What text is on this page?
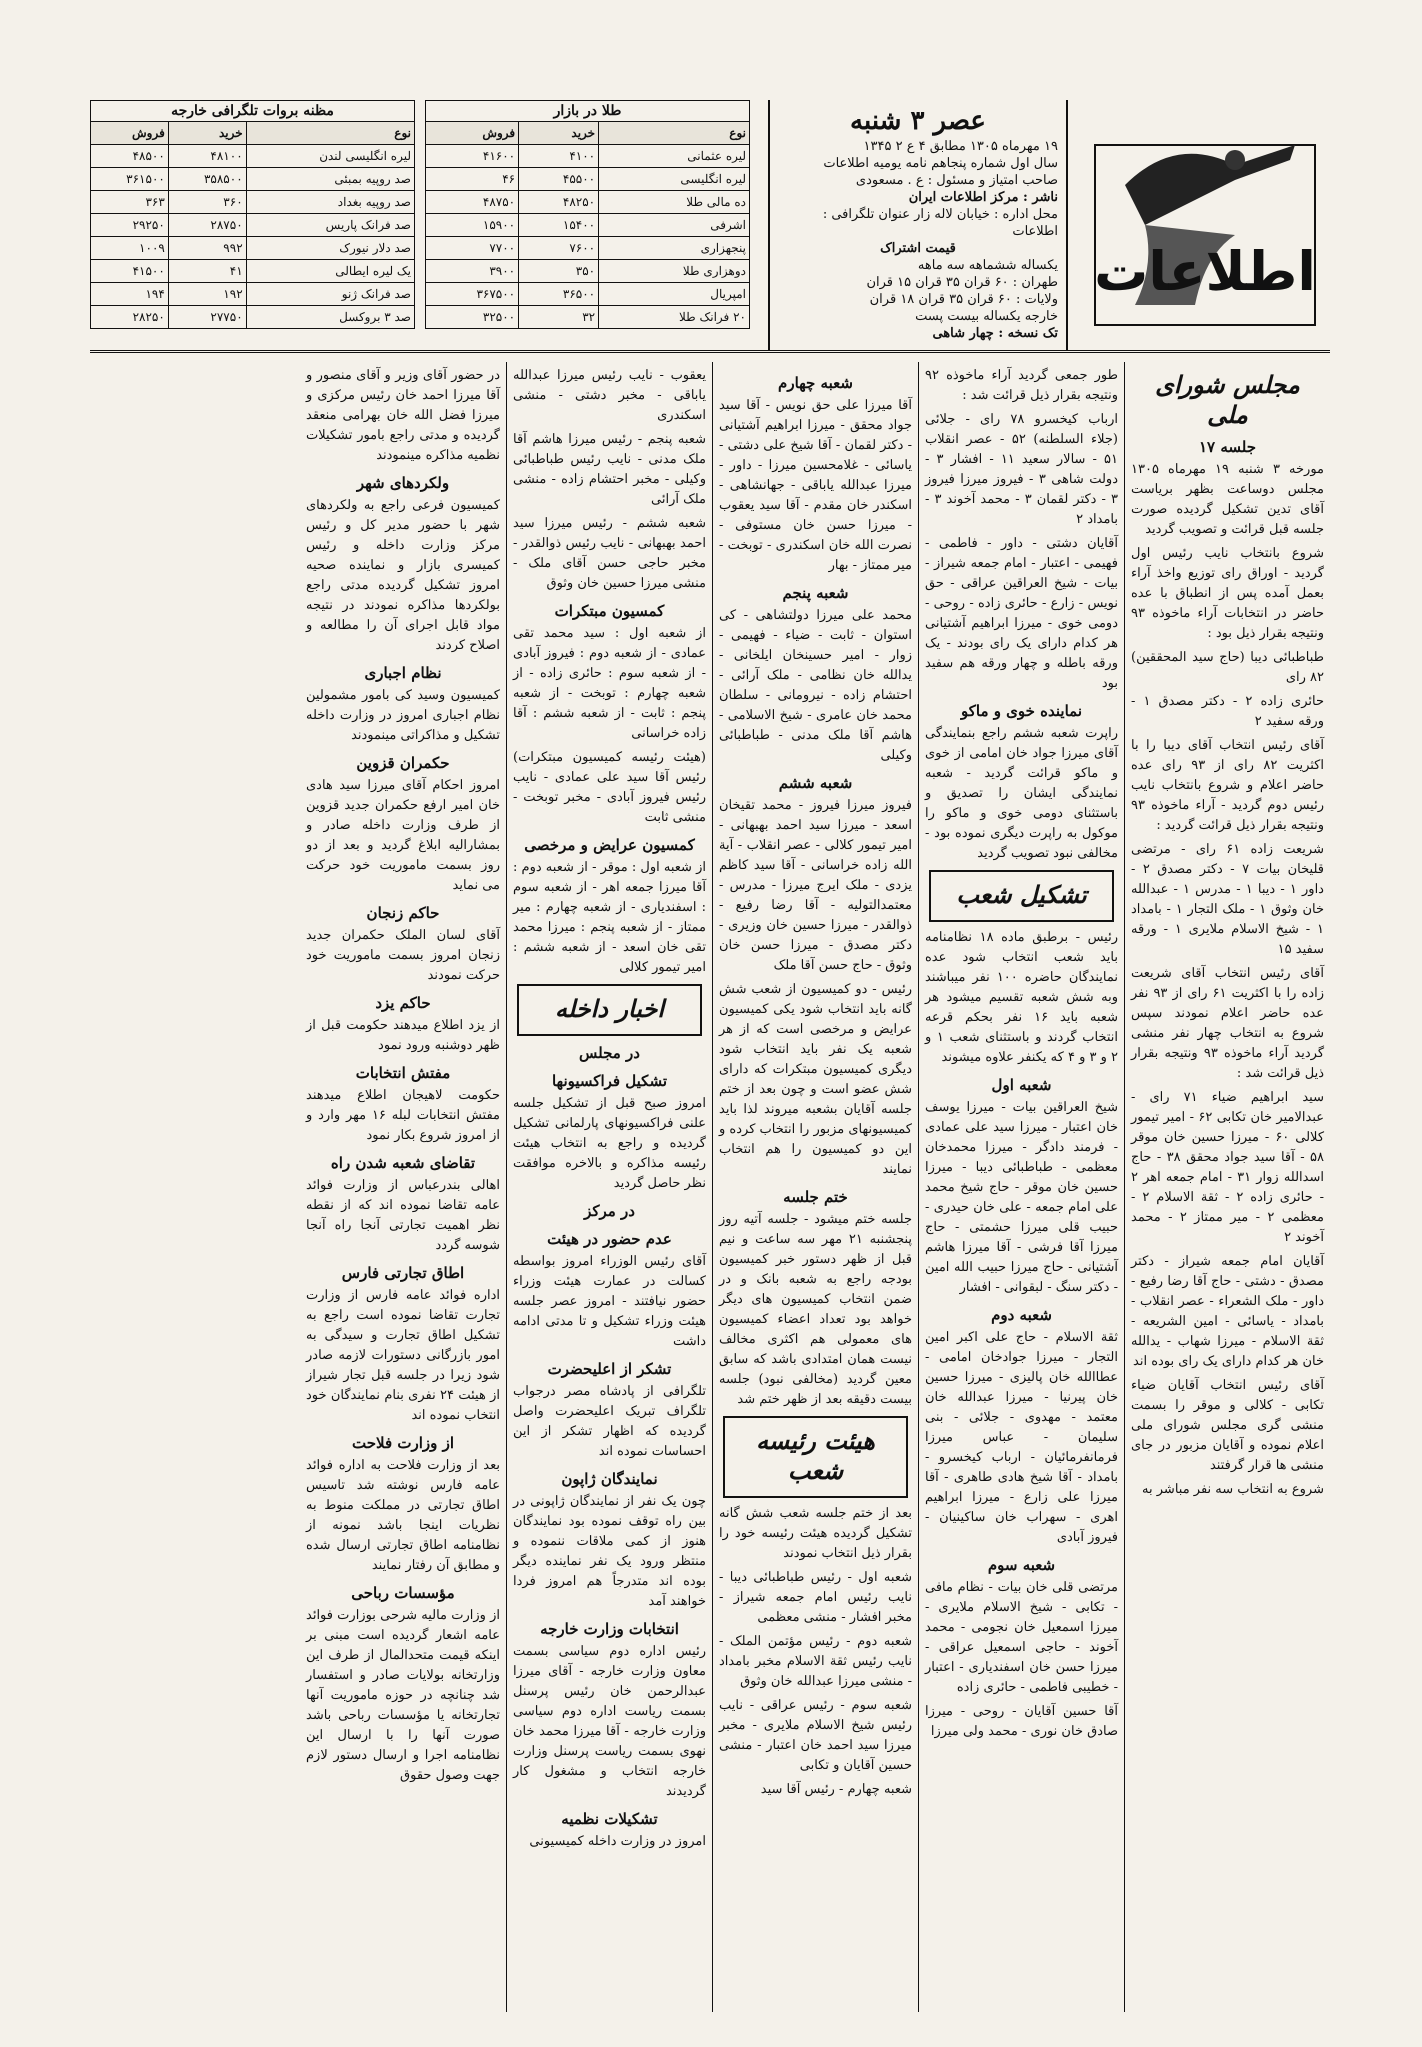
اطلاعات
عصر ۳ شنبه
۱۹ مهرماه ۱۳۰۵ مطابق ۴ ع ۲ ۱۳۴۵
سال اول شماره پنجاهم نامه یومیه اطلاعات
صاحب امتیاز و مسئول : ع . مسعودی
ناشر : مرکز اطلاعات ایران
محل اداره : خیابان لاله زار عنوان تلگرافی : اطلاعات
قیمت اشتراک
یکساله ششماهه سه ماهه
طهران : ۶۰ قران ۳۵ قران ۱۵ قران
ولایات : ۶۰ قران ۳۵ قران ۱۸ قران
خارجه یکساله بیست پست
تک نسخه : چهار شاهی
طلا در بازار
نوع	خرید	فروش
لیره عثمانی	۴۱۰۰	۴۱۶۰۰
لیره انگلیسی	۴۵۵۰۰	۴۶
ده مالی طلا	۴۸۲۵۰	۴۸۷۵۰
اشرفی	۱۵۴۰۰	۱۵۹۰۰
پنجهزاری	۷۶۰۰	۷۷۰۰
دوهزاری طلا	۳۵۰	۳۹۰۰
امپریال	۳۶۵۰۰	۳۶۷۵۰۰
۲۰ فرانک طلا	۳۲	۳۲۵۰۰
مظنه بروات تلگرافی خارجه
نوع	خرید	فروش
لیره انگلیسی لندن	۴۸۱۰۰	۴۸۵۰۰
صد روپیه بمبئی	۳۵۸۵۰۰	۳۶۱۵۰۰
صد روپیه بغداد	۳۶۰	۳۶۳
صد فرانک پاریس	۲۸۷۵۰	۲۹۲۵۰
صد دلار نیورک	۹۹۲	۱۰۰۹
یک لیره ایطالی	۴۱	۴۱۵۰۰
صد فرانک ژنو	۱۹۲	۱۹۴
صد ۳ بروکسل	۲۷۷۵۰	۲۸۲۵۰
مجلس شورای ملی
جلسه ۱۷

مورخه ۳ شنبه ۱۹ مهرماه ۱۳۰۵ مجلس دوساعت بظهر بریاست آقای تدین تشکیل گردیده صورت جلسه قبل قرائت و تصویب گردید

شروع بانتخاب نایب رئیس اول گردید - اوراق رای توزیع واخذ آراء بعمل آمده پس از انطباق با عده حاضر در انتخابات آراء ماخوذه ۹۳ ونتیجه بقرار ذیل بود :

طباطبائی دیبا (حاج سید المحققین) ۸۲ رای

حائری زاده ۲ - دکتر مصدق ۱ - ورقه سفید ۲

آقای رئیس انتخاب آقای دیبا را با اکثریت ۸۲ رای از ۹۳ رای عده حاضر اعلام و شروع بانتخاب نایب رئیس دوم گردید - آراء ماخوذه ۹۳ ونتیجه بقرار ذیل قرائت گردید :

شریعت زاده ۶۱ رای - مرتضی قلیخان بیات ۷ - دکتر مصدق ۲ - داور ۱ - دیبا ۱ - مدرس ۱ - عبدالله خان وثوق ۱ - ملک التجار ۱ - بامداد ۱ - شیخ الاسلام ملایری ۱ - ورقه سفید ۱۵

آقای رئیس انتخاب آقای شریعت زاده را با اکثریت ۶۱ رای از ۹۳ نفر عده حاضر اعلام نمودند سپس شروع به انتخاب چهار نفر منشی گردید آراء ماخوذه ۹۳ ونتیجه بقرار ذیل قرائت شد :

سید ابراهیم ضیاء ۷۱ رای - عبدالامیر خان تکابی ۶۲ - امیر تیمور کلالی ۶۰ - میرزا حسین خان موقر ۵۸ - آقا سید جواد محقق ۳۸ - حاج اسدالله زوار ۳۱ - امام جمعه اهر ۲ - حائری زاده ۲ - ثقة الاسلام ۲ - معظمی ۲ - میر ممتاز ۲ - محمد آخوند ۲

آقایان امام جمعه شیراز - دکتر مصدق - دشتی - حاج آقا رضا رفیع - داور - ملک الشعراء - عصر انقلاب - بامداد - یاسائی - امین الشریعه - ثقة الاسلام - میرزا شهاب - یدالله خان هر کدام دارای یک رای بوده اند

آقای رئیس انتخاب آقایان ضیاء تکابی - کلالی و موقر را بسمت منشی گری مجلس شورای ملی اعلام نموده و آقایان مزبور در جای منشی ها قرار گرفتند

شروع به انتخاب سه نفر مباشر به

طور جمعی گردید آراء ماخوذه ۹۲ ونتیجه بقرار ذیل قرائت شد :

ارباب کیخسرو ۷۸ رای - جلائی (جلاء السلطنه) ۵۲ - عصر انقلاب ۵۱ - سالار سعید ۱۱ - افشار ۳ - دولت شاهی ۳ - فیروز میرزا فیروز ۳ - دکتر لقمان ۳ - محمد آخوند ۳ - بامداد ۲

آقایان دشتی - داور - فاطمی - فهیمی - اعتبار - امام جمعه شیراز - بیات - شیخ العراقین عراقی - حق نویس - زارع - حائری زاده - روحی - دومی خوی - میرزا ابراهیم آشتیانی هر کدام دارای یک رای بودند - یک ورقه باطله و چهار ورقه هم سفید بود

نماینده خوی و ماکو

راپرت شعبه ششم راجع بنمایندگی آقای میرزا جواد خان امامی از خوی و ماکو قرائت گردید - شعبه نمایندگی ایشان را تصدیق و باستثنای دومی خوی و ماکو را موکول به راپرت دیگری نموده بود - مخالفی نبود تصویب گردید

تشکیل شعب

رئیس - برطبق ماده ۱۸ نظامنامه باید شعب انتخاب شود عده نمایندگان حاضره ۱۰۰ نفر میباشند وبه شش شعبه تقسیم میشود هر شعبه باید ۱۶ نفر بحکم قرعه انتخاب گردند و باستثنای شعب ۱ و ۲ و ۳ و ۴ که یکنفر علاوه میشوند

شعبه اول

شیخ العراقین بیات - میرزا یوسف خان اعتبار - میرزا سید علی عمادی - فرمند دادگر - میرزا محمدخان معظمی - طباطبائی دیبا - میرزا حسین خان موقر - حاج شیخ محمد علی امام جمعه - علی خان حیدری - حبیب قلی میرزا حشمتی - حاج میرزا آقا فرشی - آقا میرزا هاشم آشتیانی - حاج میرزا حبیب الله امین - دکتر سنگ - لبقوانی - افشار

شعبه دوم

ثقة الاسلام - حاج علی اکبر امین التجار - میرزا جوادخان امامی - عطاالله خان پالیزی - میرزا حسین خان پیرنیا - میرزا عبدالله خان معتمد - مهدوی - جلائی - بنی سلیمان - عباس میرزا فرمانفرمائیان - ارباب کیخسرو - بامداد - آقا شیخ هادی طاهری - آقا میرزا علی زارع - میرزا ابراهیم اهری - سهراب خان ساکینیان - فیروز آبادی

شعبه سوم

مرتضی قلی خان بیات - نظام مافی - تکابی - شیخ الاسلام ملایری - میرزا اسمعیل خان نجومی - محمد آخوند - حاجی اسمعیل عراقی - میرزا حسن خان اسفندیاری - اعتبار - خطیبی فاطمی - حائری زاده

آقا حسین آقایان - روحی - میرزا صادق خان نوری - محمد ولی میرزا

شعبه چهارم

آقا میرزا علی حق نویس - آقا سید جواد محقق - میرزا ابراهیم آشتیانی - دکتر لقمان - آقا شیخ علی دشتی - یاسائی - غلامحسین میرزا - داور - میرزا عبدالله یاباقی - جهانشاهی - اسکندر خان مقدم - آقا سید یعقوب - میرزا حسن خان مستوفی - نصرت الله خان اسکندری - توبخت - میر ممتاز - بهار

شعبه پنجم

محمد علی میرزا دولتشاهی - کی استوان - ثابت - ضیاء - فهیمی - زوار - امیر حسینخان ایلخانی - یدالله خان نظامی - ملک آرائی - احتشام زاده - نیرومانی - سلطان محمد خان عامری - شیخ الاسلامی - هاشم آقا ملک مدنی - طباطبائی وکیلی

شعبه ششم

فیروز میرزا فیروز - محمد تقیخان اسعد - میرزا سید احمد بهبهانی - امیر تیمور کلالی - عصر انقلاب - آیة الله زاده خراسانی - آقا سید کاظم یزدی - ملک ایرج میرزا - مدرس - معتمدالتولیه - آقا رضا رفیع - ذوالقدر - میرزا حسین خان وزیری - دکتر مصدق - میرزا حسن خان وثوق - حاج حسن آقا ملک

رئیس - دو کمیسیون از شعب شش گانه باید انتخاب شود یکی کمیسیون عرایض و مرخصی است که از هر شعبه یک نفر باید انتخاب شود دیگری کمیسیون مبتکرات که دارای شش عضو است و چون بعد از ختم جلسه آقایان بشعبه میروند لذا باید کمیسیونهای مزبور را انتخاب کرده و این دو کمیسیون را هم انتخاب نمایند

ختم جلسه

جلسه ختم میشود - جلسه آتیه روز پنجشنبه ۲۱ مهر سه ساعت و نیم قبل از ظهر دستور خبر کمیسیون بودجه راجع به شعبه بانک و در ضمن انتخاب کمیسیون های دیگر خواهد بود تعداد اعضاء کمیسیون های معمولی هم اکثری مخالف نیست همان امتدادی باشد که سابق معین گردید (مخالفی نبود) جلسه بیست دقیقه بعد از ظهر ختم شد

هیئت رئیسه شعب

بعد از ختم جلسه شعب شش گانه تشکیل گردیده هیئت رئیسه خود را بقرار ذیل انتخاب نمودند

شعبه اول - رئیس طباطبائی دیبا - نایب رئیس امام جمعه شیراز - مخبر افشار - منشی معظمی

شعبه دوم - رئیس مؤتمن الملک - نایب رئیس ثقة الاسلام مخبر بامداد - منشی میرزا عبدالله خان وثوق

شعبه سوم - رئیس عراقی - نایب رئیس شیخ الاسلام ملایری - مخبر میرزا سید احمد خان اعتبار - منشی حسین آقایان و تکابی

شعبه چهارم - رئیس آقا سید

یعقوب - نایب رئیس میرزا عبدالله یاباقی - مخبر دشتی - منشی اسکندری

شعبه پنجم - رئیس میرزا هاشم آقا ملک مدنی - نایب رئیس طباطبائی وکیلی - مخبر احتشام زاده - منشی ملک آرائی

شعبه ششم - رئیس میرزا سید احمد بهبهانی - نایب رئیس ذوالقدر - مخبر حاجی حسن آقای ملک - منشی میرزا حسین خان وثوق

کمسیون مبتکرات

از شعبه اول : سید محمد تقی عمادی - از شعبه دوم : فیروز آبادی - از شعبه سوم : حائری زاده - از شعبه چهارم : توبخت - از شعبه پنجم : ثابت - از شعبه ششم : آقا زاده خراسانی

(هیئت رئیسه کمیسیون مبتکرات) رئیس آقا سید علی عمادی - نایب رئیس فیروز آبادی - مخبر توبخت - منشی ثابت

کمسیون عرایض و مرخصی

از شعبه اول : موقر - از شعبه دوم : آقا میرزا جمعه اهر - از شعبه سوم : اسفندیاری - از شعبه چهارم : میر ممتاز - از شعبه پنجم : میرزا محمد تقی خان اسعد - از شعبه ششم : امیر تیمور کلالی

اخبار داخله
در مجلس
تشکیل فراکسیونها

امروز صبح قبل از تشکیل جلسه علنی فراکسیونهای پارلمانی تشکیل گردیده و راجع به انتخاب هیئت رئیسه مذاکره و بالاخره موافقت نظر حاصل گردید

در مرکز
عدم حضور در هیئت

آقای رئیس الوزراء امروز بواسطه کسالت در عمارت هیئت وزراء حضور نیافتند - امروز عصر جلسه هیئت وزراء تشکیل و تا مدتی ادامه داشت

تشکر از اعلیحضرت

تلگرافی از پادشاه مصر درجواب تلگراف تبریک اعلیحضرت واصل گردیده که اظهار تشکر از این احساسات نموده اند

نمایندگان ژاپون

چون یک نفر از نمایندگان ژاپونی در بین راه توقف نموده بود نمایندگان هنوز از کمی ملاقات ننموده و منتظر ورود یک نفر نماینده دیگر بوده اند متدرجاً هم امروز فردا خواهند آمد

انتخابات وزارت خارجه

رئیس اداره دوم سیاسی بسمت معاون وزارت خارجه - آقای میرزا عبدالرحمن خان رئیس پرسنل بسمت ریاست اداره دوم سیاسی وزارت خارجه - آقا میرزا محمد خان نهوی بسمت ریاست پرسنل وزارت خارجه انتخاب و مشغول کار گردیدند

تشکیلات نظمیه

امروز در وزارت داخله کمیسیونی

در حضور آقای وزیر و آقای منصور و آقا میرزا احمد خان رئیس مرکزی و میرزا فضل الله خان بهرامی منعقد گردیده و مدتی راجع بامور تشکیلات نظمیه مذاکره مینمودند

ولکردهای شهر

کمیسیون فرعی راجع به ولکردهای شهر با حضور مدیر کل و رئیس مرکز وزارت داخله و رئیس کمیسری بازار و نماینده صحیه امروز تشکیل گردیده مدتی راجع بولکردها مذاکره نمودند در نتیجه مواد قابل اجرای آن را مطالعه و اصلاح کردند

نظام اجباری

کمیسیون وسید کی بامور مشمولین نظام اجباری امروز در وزارت داخله تشکیل و مذاکراتی مینمودند

حکمران قزوین

امروز احکام آقای میرزا سید هادی خان امیر ارفع حکمران جدید قزوین از طرف وزارت داخله صادر و بمشارالیه ابلاغ گردید و بعد از دو روز بسمت ماموریت خود حرکت می نماید

حاکم زنجان

آقای لسان الملک حکمران جدید زنجان امروز بسمت ماموریت خود حرکت نمودند

حاکم یزد

از یزد اطلاع میدهند حکومت قبل از ظهر دوشنبه ورود نمود

مفتش انتخابات

حکومت لاهیجان اطلاع میدهند مفتش انتخابات لبله ۱۶ مهر وارد و از امروز شروع بکار نمود

تقاضای شعبه شدن راه

اهالی بندرعباس از وزارت فوائد عامه تقاضا نموده اند که از نقطه نظر اهمیت تجارتی آنجا راه آنجا شوسه گردد

اطاق تجارتی فارس

اداره فوائد عامه فارس از وزارت تجارت تقاضا نموده است راجع به تشکیل اطاق تجارت و سیدگی به امور بازرگانی دستورات لازمه صادر شود زیرا در جلسه قبل تجار شیراز از هیئت ۲۴ نفری بنام نمایندگان خود انتخاب نموده اند

از وزارت فلاحت

بعد از وزارت فلاحت به اداره فوائد عامه فارس نوشته شد تاسیس اطاق تجارتی در مملکت منوط به نظریات اینجا باشد نمونه از نظامنامه اطاق تجارتی ارسال شده و مطابق آن رفتار نمایند

مؤسسات رباحی

از وزارت مالیه شرحی بوزارت فوائد عامه اشعار گردیده است مبنی بر اینکه قیمت متحدالمال از طرف این وزارتخانه بولایات صادر و استفسار شد چنانچه در حوزه ماموریت آنها تجارتخانه یا مؤسسات رباحی باشد صورت آنها را با ارسال این نظامنامه اجرا و ارسال دستور لازم جهت وصول حقوق
